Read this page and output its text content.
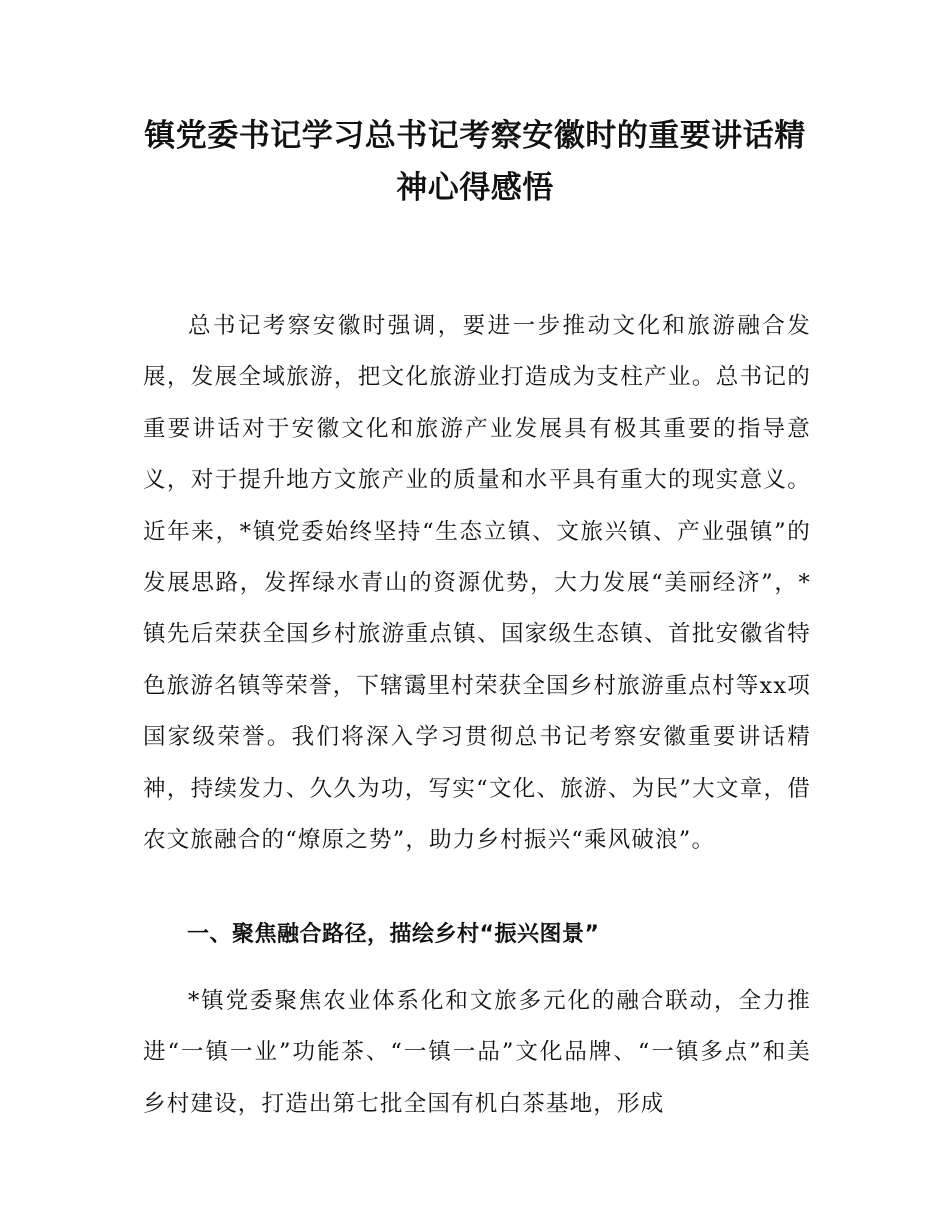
镇党委书记学习总书记考察安徽时的重要讲话精神心得感悟

总书记考察安徽时强调，要进一步推动文化和旅游融合发展，发展全域旅游，把文化旅游业打造成为支柱产业。总书记的重要讲话对于安徽文化和旅游产业发展具有极其重要的指导意义，对于提升地方文旅产业的质量和水平具有重大的现实意义。近年来，*镇党委始终坚持“生态立镇、文旅兴镇、产业强镇”的发展思路，发挥绿水青山的资源优势，大力发展“美丽经济”，*镇先后荣获全国乡村旅游重点镇、国家级生态镇、首批安徽省特色旅游名镇等荣誉，下辖霭里村荣获全国乡村旅游重点村等xx项国家级荣誉。我们将深入学习贯彻总书记考察安徽重要讲话精神，持续发力、久久为功，写实“文化、旅游、为民”大文章，借农文旅融合的“燎原之势”，助力乡村振兴“乘风破浪”。

一、聚焦融合路径，描绘乡村“振兴图景”

*镇党委聚焦农业体系化和文旅多元化的融合联动，全力推进“一镇一业”功能茶、“一镇一品”文化品牌、“一镇多点”和美乡村建设，打造出第七批全国有机白茶基地，形成
